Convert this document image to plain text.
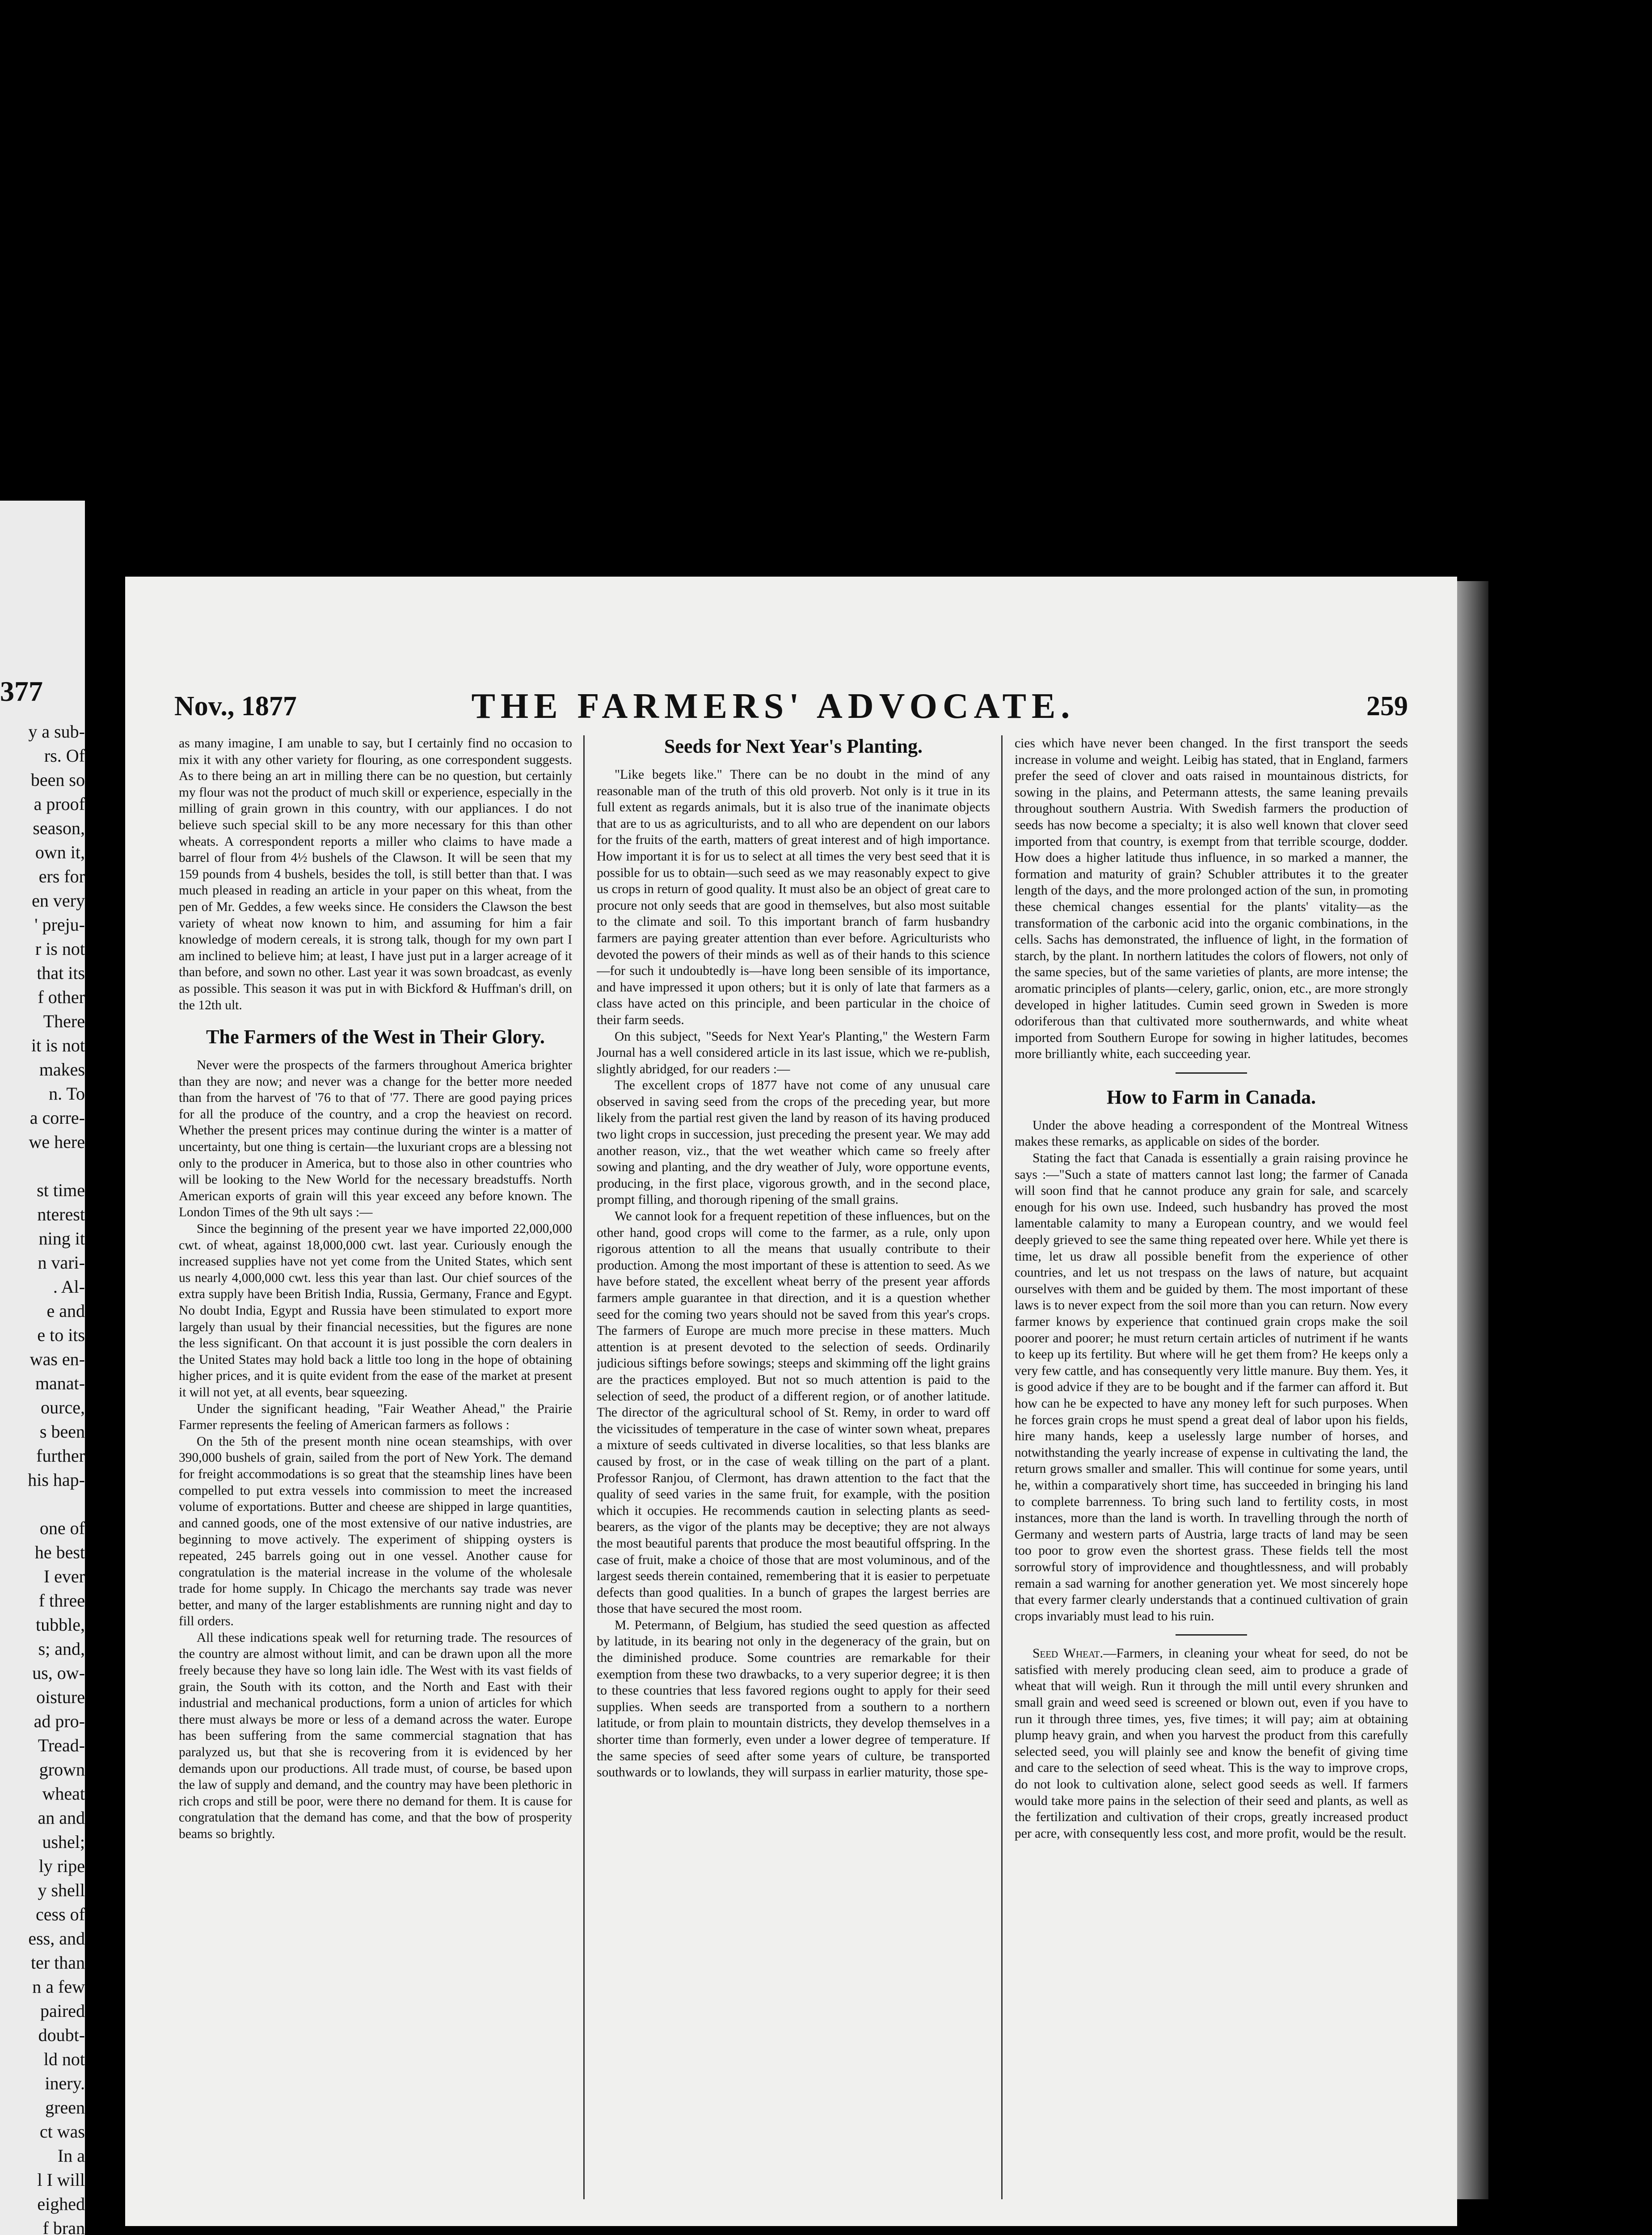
377
y a sub-
rs. Of
been so
a proof
season,
own it,
ers for
en very
' preju-
r is not
that its
f other
There
it is not
makes
n. To
a corre-
we here

st time
nterest
ning it
n vari-
. Al-
e and
e to its
was en-
manat-
ource,
s been
further
his hap-

one of
he best
I ever
f three
tubble,
s; and,
us, ow-
oisture
ad pro-
Tread-
grown
wheat
an and
ushel;
ly ripe
y shell
cess of
ess, and
ter than
n a few
paired
doubt-
ld not
inery.
green
ct was
In a
l I will
eighed
f bran

Nov., 1877	THE FARMERS' ADVOCATE.	259

as many imagine, I am unable to say, but I certainly find no occasion to mix it with any other variety for flouring, as one correspondent suggests. As to there being an art in milling there can be no question, but certainly my flour was not the product of much skill or experience, especially in the milling of grain grown in this country, with our appliances. I do not believe such special skill to be any more necessary for this than other wheats. A correspondent reports a miller who claims to have made a barrel of flour from 4½ bushels of the Clawson. It will be seen that my 159 pounds from 4 bushels, besides the toll, is still better than that. I was much pleased in reading an article in your paper on this wheat, from the pen of Mr. Geddes, a few weeks since. He considers the Clawson the best variety of wheat now known to him, and assuming for him a fair knowledge of modern cereals, it is strong talk, though for my own part I am inclined to believe him; at least, I have just put in a larger acreage of it than before, and sown no other. Last year it was sown broadcast, as evenly as possible. This season it was put in with Bickford & Huffman's drill, on the 12th ult.

The Farmers of the West in Their Glory.

Never were the prospects of the farmers throughout America brighter than they are now; and never was a change for the better more needed than from the harvest of '76 to that of '77. There are good paying prices for all the produce of the country, and a crop the heaviest on record. Whether the present prices may continue during the winter is a matter of uncertainty, but one thing is certain—the luxuriant crops are a blessing not only to the producer in America, but to those also in other countries who will be looking to the New World for the necessary breadstuffs. North American exports of grain will this year exceed any before known. The London Times of the 9th ult says :—

Since the beginning of the present year we have imported 22,000,000 cwt. of wheat, against 18,000,000 cwt. last year. Curiously enough the increased supplies have not yet come from the United States, which sent us nearly 4,000,000 cwt. less this year than last. Our chief sources of the extra supply have been British India, Russia, Germany, France and Egypt. No doubt India, Egypt and Russia have been stimulated to export more largely than usual by their financial necessities, but the figures are none the less significant. On that account it is just possible the corn dealers in the United States may hold back a little too long in the hope of obtaining higher prices, and it is quite evident from the ease of the market at present it will not yet, at all events, bear squeezing.

Under the significant heading, "Fair Weather Ahead," the Prairie Farmer represents the feeling of American farmers as follows :

On the 5th of the present month nine ocean steamships, with over 390,000 bushels of grain, sailed from the port of New York. The demand for freight accommodations is so great that the steamship lines have been compelled to put extra vessels into commission to meet the increased volume of exportations. Butter and cheese are shipped in large quantities, and canned goods, one of the most extensive of our native industries, are beginning to move actively. The experiment of shipping oysters is repeated, 245 barrels going out in one vessel. Another cause for congratulation is the material increase in the volume of the wholesale trade for home supply. In Chicago the merchants say trade was never better, and many of the larger establishments are running night and day to fill orders.

All these indications speak well for returning trade. The resources of the country are almost without limit, and can be drawn upon all the more freely because they have so long lain idle. The West with its vast fields of grain, the South with its cotton, and the North and East with their industrial and mechanical productions, form a union of articles for which there must always be more or less of a demand across the water. Europe has been suffering from the same commercial stagnation that has paralyzed us, but that she is recovering from it is evidenced by her demands upon our productions. All trade must, of course, be based upon the law of supply and demand, and the country may have been plethoric in rich crops and still be poor, were there no demand for them. It is cause for congratulation that the demand has come, and that the bow of prosperity beams so brightly.

Seeds for Next Year's Planting.

"Like begets like." There can be no doubt in the mind of any reasonable man of the truth of this old proverb. Not only is it true in its full extent as regards animals, but it is also true of the inanimate objects that are to us as agriculturists, and to all who are dependent on our labors for the fruits of the earth, matters of great interest and of high importance. How important it is for us to select at all times the very best seed that it is possible for us to obtain—such seed as we may reasonably expect to give us crops in return of good quality. It must also be an object of great care to procure not only seeds that are good in themselves, but also most suitable to the climate and soil. To this important branch of farm husbandry farmers are paying greater attention than ever before. Agriculturists who devoted the powers of their minds as well as of their hands to this science—for such it undoubtedly is—have long been sensible of its importance, and have impressed it upon others; but it is only of late that farmers as a class have acted on this principle, and been particular in the choice of their farm seeds.

On this subject, "Seeds for Next Year's Planting," the Western Farm Journal has a well considered article in its last issue, which we re-publish, slightly abridged, for our readers :—

The excellent crops of 1877 have not come of any unusual care observed in saving seed from the crops of the preceding year, but more likely from the partial rest given the land by reason of its having produced two light crops in succession, just preceding the present year. We may add another reason, viz., that the wet weather which came so freely after sowing and planting, and the dry weather of July, wore opportune events, producing, in the first place, vigorous growth, and in the second place, prompt filling, and thorough ripening of the small grains.

We cannot look for a frequent repetition of these influences, but on the other hand, good crops will come to the farmer, as a rule, only upon rigorous attention to all the means that usually contribute to their production. Among the most important of these is attention to seed. As we have before stated, the excellent wheat berry of the present year affords farmers ample guarantee in that direction, and it is a question whether seed for the coming two years should not be saved from this year's crops. The farmers of Europe are much more precise in these matters. Much attention is at present devoted to the selection of seeds. Ordinarily judicious siftings before sowings; steeps and skimming off the light grains are the practices employed. But not so much attention is paid to the selection of seed, the product of a different region, or of another latitude. The director of the agricultural school of St. Remy, in order to ward off the vicissitudes of temperature in the case of winter sown wheat, prepares a mixture of seeds cultivated in diverse localities, so that less blanks are caused by frost, or in the case of weak tilling on the part of a plant. Professor Ranjou, of Clermont, has drawn attention to the fact that the quality of seed varies in the same fruit, for example, with the position which it occupies. He recommends caution in selecting plants as seed-bearers, as the vigor of the plants may be deceptive; they are not always the most beautiful parents that produce the most beautiful offspring. In the case of fruit, make a choice of those that are most voluminous, and of the largest seeds therein contained, remembering that it is easier to perpetuate defects than good qualities. In a bunch of grapes the largest berries are those that have secured the most room.

M. Petermann, of Belgium, has studied the seed question as affected by latitude, in its bearing not only in the degeneracy of the grain, but on the diminished produce. Some countries are remarkable for their exemption from these two drawbacks, to a very superior degree; it is then to these countries that less favored regions ought to apply for their seed supplies. When seeds are transported from a southern to a northern latitude, or from plain to mountain districts, they develop themselves in a shorter time than formerly, even under a lower degree of temperature. If the same species of seed after some years of culture, be transported southwards or to lowlands, they will surpass in earlier maturity, those spe-

cies which have never been changed. In the first transport the seeds increase in volume and weight. Leibig has stated, that in England, farmers prefer the seed of clover and oats raised in mountainous districts, for sowing in the plains, and Petermann attests, the same leaning prevails throughout southern Austria. With Swedish farmers the production of seeds has now become a specialty; it is also well known that clover seed imported from that country, is exempt from that terrible scourge, dodder. How does a higher latitude thus influence, in so marked a manner, the formation and maturity of grain? Schubler attributes it to the greater length of the days, and the more prolonged action of the sun, in promoting these chemical changes essential for the plants' vitality—as the transformation of the carbonic acid into the organic combinations, in the cells. Sachs has demonstrated, the influence of light, in the formation of starch, by the plant. In northern latitudes the colors of flowers, not only of the same species, but of the same varieties of plants, are more intense; the aromatic principles of plants—celery, garlic, onion, etc., are more strongly developed in higher latitudes. Cumin seed grown in Sweden is more odoriferous than that cultivated more southernwards, and white wheat imported from Southern Europe for sowing in higher latitudes, becomes more brilliantly white, each succeeding year.

How to Farm in Canada.

Under the above heading a correspondent of the Montreal Witness makes these remarks, as applicable on sides of the border.

Stating the fact that Canada is essentially a grain raising province he says :—"Such a state of matters cannot last long; the farmer of Canada will soon find that he cannot produce any grain for sale, and scarcely enough for his own use. Indeed, such husbandry has proved the most lamentable calamity to many a European country, and we would feel deeply grieved to see the same thing repeated over here. While yet there is time, let us draw all possible benefit from the experience of other countries, and let us not trespass on the laws of nature, but acquaint ourselves with them and be guided by them. The most important of these laws is to never expect from the soil more than you can return. Now every farmer knows by experience that continued grain crops make the soil poorer and poorer; he must return certain articles of nutriment if he wants to keep up its fertility. But where will he get them from? He keeps only a very few cattle, and has consequently very little manure. Buy them. Yes, it is good advice if they are to be bought and if the farmer can afford it. But how can he be expected to have any money left for such purposes. When he forces grain crops he must spend a great deal of labor upon his fields, hire many hands, keep a uselessly large number of horses, and notwithstanding the yearly increase of expense in cultivating the land, the return grows smaller and smaller. This will continue for some years, until he, within a comparatively short time, has succeeded in bringing his land to complete barrenness. To bring such land to fertility costs, in most instances, more than the land is worth. In travelling through the north of Germany and western parts of Austria, large tracts of land may be seen too poor to grow even the shortest grass. These fields tell the most sorrowful story of improvidence and thoughtlessness, and will probably remain a sad warning for another generation yet. We most sincerely hope that every farmer clearly understands that a continued cultivation of grain crops invariably must lead to his ruin.

Seed Wheat.—Farmers, in cleaning your wheat for seed, do not be satisfied with merely producing clean seed, aim to produce a grade of wheat that will weigh. Run it through the mill until every shrunken and small grain and weed seed is screened or blown out, even if you have to run it through three times, yes, five times; it will pay; aim at obtaining plump heavy grain, and when you harvest the product from this carefully selected seed, you will plainly see and know the benefit of giving time and care to the selection of seed wheat. This is the way to improve crops, do not look to cultivation alone, select good seeds as well. If farmers would take more pains in the selection of their seed and plants, as well as the fertilization and cultivation of their crops, greatly increased product per acre, with consequently less cost, and more profit, would be the result.
